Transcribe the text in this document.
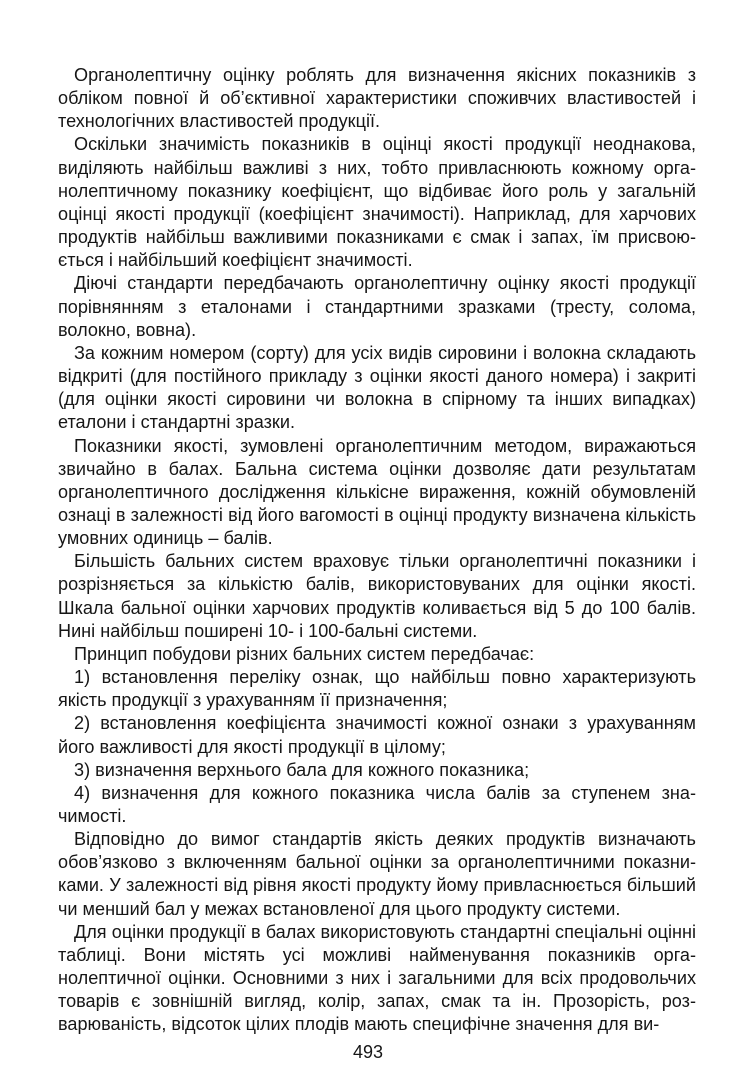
Органолептичну оцінку роблять для визначення якісних показників з обліком повної й об’єктивної характеристики споживчих властивостей і технологічних властивостей продукції.

Оскільки значимість показників в оцінці якості продукції неоднакова, виділяють найбільш важливі з них, тобто привласнюють кожному органолептичному показнику коефіцієнт, що відбиває його роль у загальній оцінці якості продукції (коефіцієнт значимості). Наприклад, для харчових продуктів найбільш важливими показниками є смак і запах, їм присвоюється і найбільший коефіцієнт значимості.

Діючі стандарти передбачають органолептичну оцінку якості продукції порівнянням з еталонами і стандартними зразками (тресту, солома, волокно, вовна).

За кожним номером (сорту) для усіх видів сировини і волокна складають відкриті (для постійного прикладу з оцінки якості даного номера) і закриті (для оцінки якості сировини чи волокна в спірному та інших випадках) еталони і стандартні зразки.

Показники якості, зумовлені органолептичним методом, виражаються звичайно в балах. Бальна система оцінки дозволяє дати результатам органолептичного дослідження кількісне вираження, кожній обумовленій ознаці в залежності від його вагомості в оцінці продукту визначена кількість умовних одиниць – балів.

Більшість бальних систем враховує тільки органолептичні показники і розрізняється за кількістю балів, використовуваних для оцінки якості. Шкала бальної оцінки харчових продуктів коливається від 5 до 100 балів. Нині найбільш поширені 10- і 100-бальні системи.

Принцип побудови різних бальних систем передбачає:

1) встановлення переліку ознак, що найбільш повно характеризують якість продукції з урахуванням її призначення;

2) встановлення коефіцієнта значимості кожної ознаки з урахуванням його важливості для якості продукції в цілому;

3) визначення верхнього бала для кожного показника;

4) визначення для кожного показника числа балів за ступенем значимості.

Відповідно до вимог стандартів якість деяких продуктів визначають обов’язково з включенням бальної оцінки за органолептичними показниками. У залежності від рівня якості продукту йому привласнюється більший чи менший бал у межах встановленої для цього продукту системи.

Для оцінки продукції в балах використовують стандартні спеціальні оцінні таблиці. Вони містять усі можливі найменування показників органолептичної оцінки. Основними з них і загальними для всіх продовольчих товарів є зовнішній вигляд, колір, запах, смак та ін. Прозорість, розварюваність, відсоток цілих плодів мають специфічне значення для ви-

493
